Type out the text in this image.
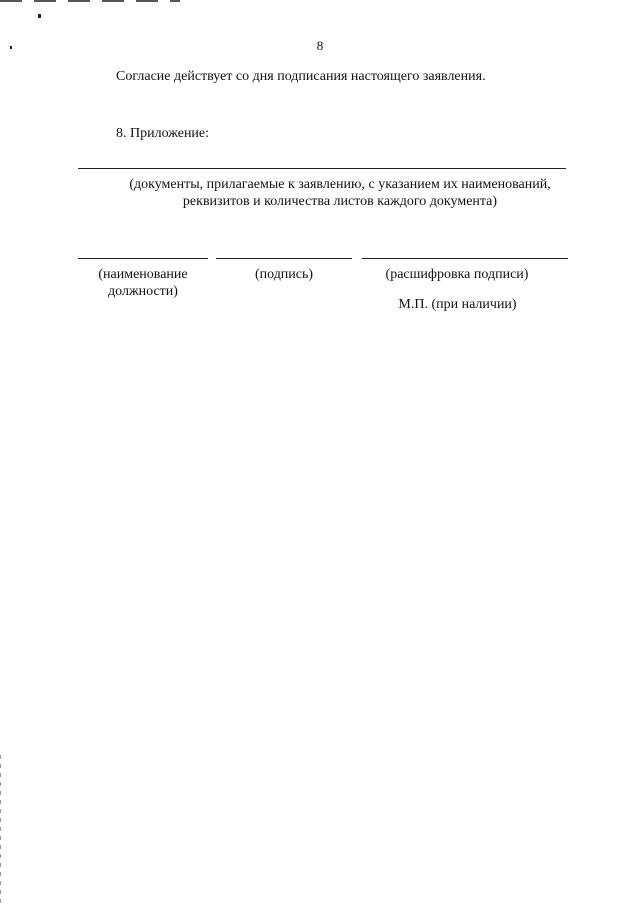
8
Согласие действует со дня подписания настоящего заявления.
8. Приложение:
(документы, прилагаемые к заявлению, с указанием их наименований,
реквизитов и количества листов каждого документа)
(наименование
должности)
(подпись)	(расшифровка подписи)
М.П. (при наличии)
